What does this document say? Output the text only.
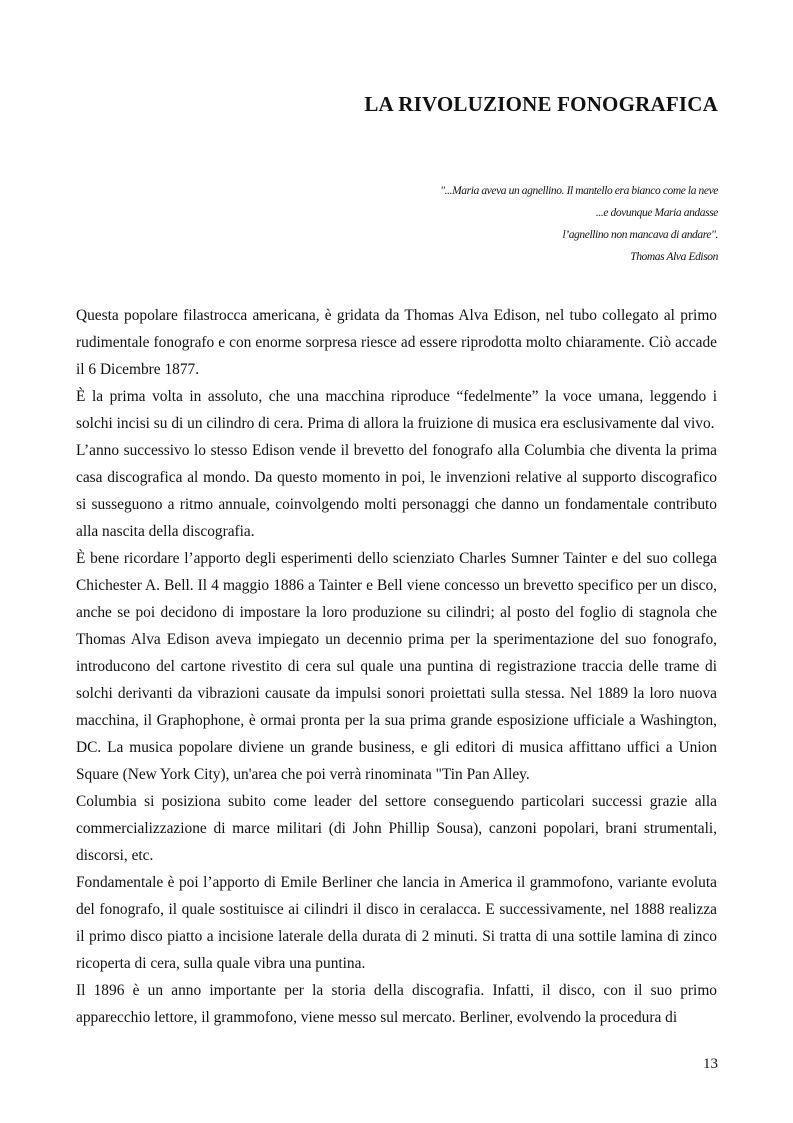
LA RIVOLUZIONE FONOGRAFICA
"...Maria aveva un agnellino. Il mantello era bianco come la neve
...e dovunque Maria andasse
l’agnellino non mancava di andare".
Thomas Alva Edison

Questa popolare filastrocca americana, è gridata da Thomas Alva Edison, nel tubo collegato al primo rudimentale fonografo e con enorme sorpresa riesce ad essere riprodotta molto chiaramente. Ciò accade il 6 Dicembre 1877.

È la prima volta in assoluto, che una macchina riproduce “fedelmente” la voce umana, leggendo i solchi incisi su di un cilindro di cera. Prima di allora la fruizione di musica era esclusivamente dal vivo.

L’anno successivo lo stesso Edison vende il brevetto del fonografo alla Columbia che diventa la prima casa discografica al mondo. Da questo momento in poi, le invenzioni relative al supporto discografico si susseguono a ritmo annuale, coinvolgendo molti personaggi che danno un fondamentale contributo alla nascita della discografia.

È bene ricordare l’apporto degli esperimenti dello scienziato Charles Sumner Tainter e del suo collega Chichester A. Bell. Il 4 maggio 1886 a Tainter e Bell viene concesso un brevetto specifico per un disco, anche se poi decidono di impostare la loro produzione su cilindri; al posto del foglio di stagnola che Thomas Alva Edison aveva impiegato un decennio prima per la sperimentazione del suo fonografo, introducono del cartone rivestito di cera sul quale una puntina di registrazione traccia delle trame di solchi derivanti da vibrazioni causate da impulsi sonori proiettati sulla stessa. Nel 1889 la loro nuova macchina, il Graphophone, è ormai pronta per la sua prima grande esposizione ufficiale a Washington, DC. La musica popolare diviene un grande business, e gli editori di musica affittano uffici a Union Square (New York City), un'area che poi verrà rinominata "Tin Pan Alley.

Columbia si posiziona subito come leader del settore conseguendo particolari successi grazie alla commercializzazione di marce militari (di John Phillip Sousa), canzoni popolari, brani strumentali, discorsi, etc.

Fondamentale è poi l’apporto di Emile Berliner che lancia in America il grammofono, variante evoluta del fonografo, il quale sostituisce ai cilindri il disco in ceralacca. E successivamente, nel 1888 realizza il primo disco piatto a incisione laterale della durata di 2 minuti. Si tratta di una sottile lamina di zinco ricoperta di cera, sulla quale vibra una puntina.

Il 1896 è un anno importante per la storia della discografia. Infatti, il disco, con il suo primo apparecchio lettore, il grammofono, viene messo sul mercato. Berliner, evolvendo la procedura di

13
